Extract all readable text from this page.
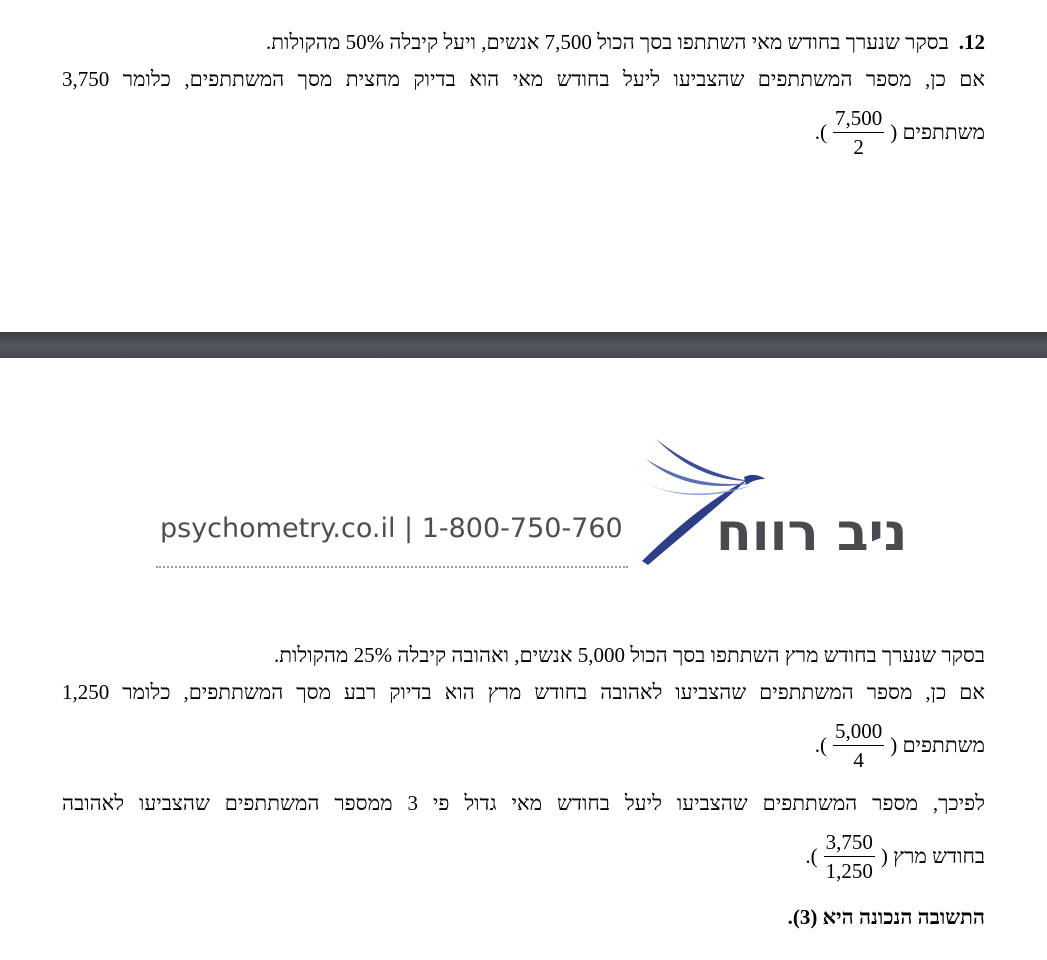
12.בסקר שנערך בחודש מאי השתתפו בסך הכול 7,500 אנשים, ויעל קיבלה 50% מהקולות.
אם כן, מספר המשתתפים שהצביעו ליעל בחודש מאי הוא בדיוק מחצית מסך המשתתפים, כלומר 3,750
משתתפים (
$\frac{7,500}{2}$
).
psychometry.co.il | 1-800-750-760 ניב רווח
בסקר שנערך בחודש מרץ השתתפו בסך הכול 5,000 אנשים, ואהובה קיבלה 25% מהקולות.
אם כן, מספר המשתתפים שהצביעו לאהובה בחודש מרץ הוא בדיוק רבע מסך המשתתפים, כלומר 1,250
משתתפים (
$\frac{5,000}{4}$
).
לפיכך, מספר המשתתפים שהצביעו ליעל בחודש מאי גדול פי 3 ממספר המשתתפים שהצביעו לאהובה
בחודש מרץ (
$\frac{3,750}{1,250}$
).
התשובה הנכונה היא (3).
